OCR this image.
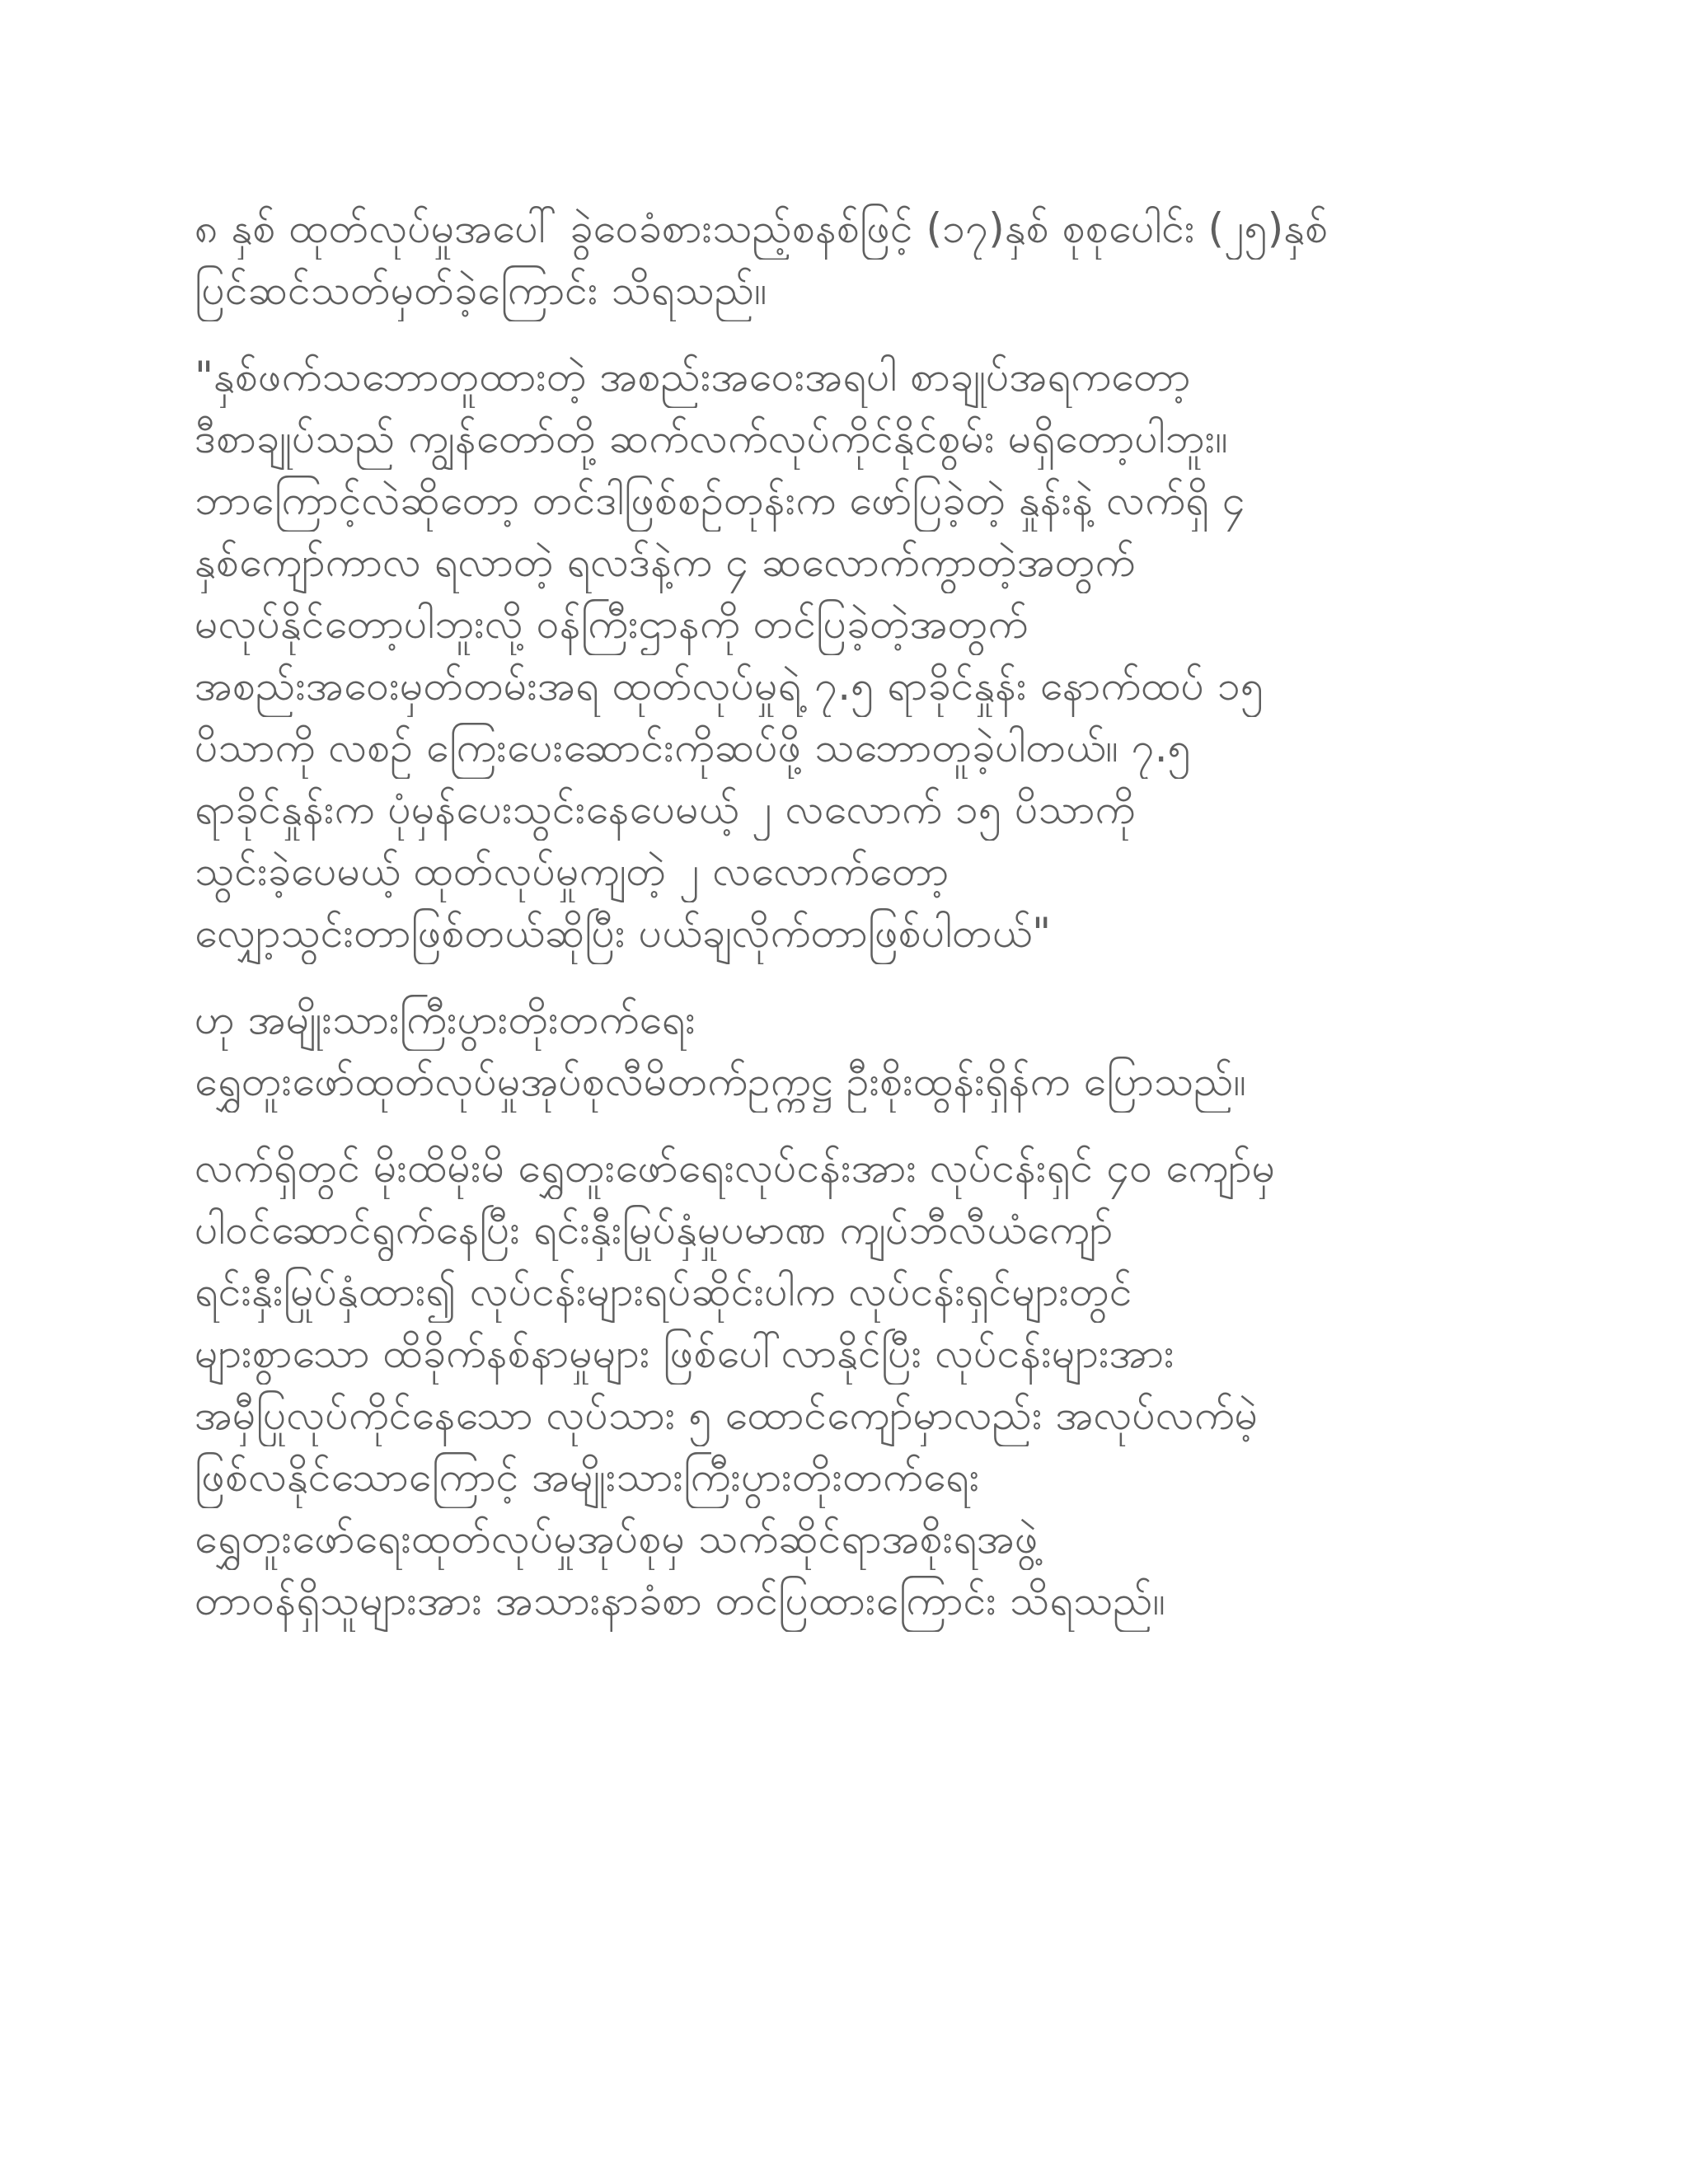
၈ နှစ် ထုတ်လုပ်မှုအပေါ် ခွဲဝေခံစားသည့်စနစ်ဖြင့် (၁၇)နှစ် စုစုပေါင်း (၂၅)နှစ်
ပြင်ဆင်သတ်မှတ်ခဲ့ကြောင်း သိရသည်။

"နှစ်ဖက်သဘောတူထားတဲ့ အစည်းအဝေးအရပါ စာချုပ်အရကတော့
ဒီစာချုပ်သည် ကျွန်တော်တို့ ဆက်လက်လုပ်ကိုင်နိုင်စွမ်း မရှိတော့ပါဘူး။
ဘာကြောင့်လဲဆိုတော့ တင်ဒါဖြစ်စဉ်တုန်းက ဖော်ပြခဲ့တဲ့ နှုန်းနဲ့ လက်ရှိ ၄
နှစ်ကျော်ကာလ ရလာတဲ့ ရလဒ်နဲ့က ၄ ဆလောက်ကွာတဲ့အတွက်
မလုပ်နိုင်တော့ပါဘူးလို့ ဝန်ကြီးဌာနကို တင်ပြခဲ့တဲ့အတွက်
အစည်းအဝေးမှတ်တမ်းအရ ထုတ်လုပ်မှုရဲ့ ၇.၅ ရာခိုင်နှုန်း နောက်ထပ် ၁၅
ပိသာကို လစဉ် ကြေးပေးဆောင်းကိုဆပ်ဖို့ သဘောတူခဲ့ပါတယ်။ ၇.၅
ရာခိုင်နှုန်းက ပုံမှန်ပေးသွင်းနေပေမယ့် ၂ လလောက် ၁၅ ပိသာကို
သွင်းခဲ့ပေမယ့် ထုတ်လုပ်မှုကျတဲ့ ၂ လလောက်တော့
လျှော့သွင်းတာဖြစ်တယ်ဆိုပြီး ပယ်ချလိုက်တာဖြစ်ပါတယ်"

ဟု အမျိုးသားကြီးပွားတိုးတက်ရေး
ရွှေတူးဖော်ထုတ်လုပ်မှုအုပ်စုလီမိတက်ဥက္ကဋ္ဌ ဦးစိုးထွန်းရှိန်က ပြောသည်။

လက်ရှိတွင် မိုးထိမိုးမိ ရွှေတူးဖော်ရေးလုပ်ငန်းအား လုပ်ငန်းရှင် ၄၀ ကျော်မှ
ပါဝင်ဆောင်ရွက်နေပြီး ရင်းနှီးမြုပ်နှံမှုပမာဏ ကျပ်ဘီလီယံကျော်
ရင်းနှီးမြုပ်နှံထား၍ လုပ်ငန်းများရပ်ဆိုင်းပါက လုပ်ငန်းရှင်များတွင်
များစွာသော ထိခိုက်နစ်နာမှုများ ဖြစ်ပေါ်လာနိုင်ပြီး လုပ်ငန်းများအား
အမှီပြုလုပ်ကိုင်နေသော လုပ်သား ၅ ထောင်ကျော်မှာလည်း အလုပ်လက်မဲ့
ဖြစ်လနိုင်သောကြောင့် အမျိုးသားကြီးပွားတိုးတက်ရေး
ရွှေတူးဖော်ရေးထုတ်လုပ်မှုအုပ်စုမှ သက်ဆိုင်ရာအစိုးရအဖွဲ့
တာဝန်ရှိသူများအား အသားနာခံစာ တင်ပြထားကြောင်း သိရသည်။
